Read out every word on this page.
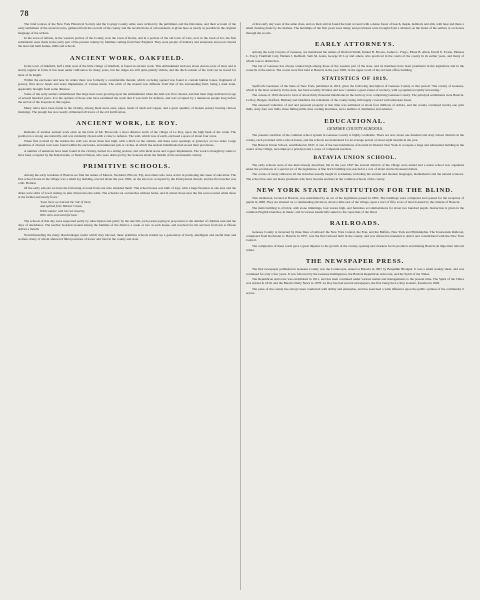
78

The brief notices of the New York Historical Society and the Cayuga County Atlas were written by the publishers and the historians, and their account of the early settlement of the several towns, gathered from the records of the county and the recollections of old residents, is given here as nearly as possible in the original language of the writers.

In the town of Albion, in the western portion of the County, now the town of Rome, and in a portion of the old town of Cato, now in the town of Ira, the first settlements were made in the early part of the present century by families coming from New England. They were people of industry and enterprise and soon cleared the land and built homes, mills and schools.

ANCIENT WORK, OAKFIELD.

In the town of Oakfield, half a mile west of the little village of Oakfield, is found an ancient work. This embankment encloses about eleven acres of land, and is nearly regular in form. It has been under cultivation for many years, but the ridges are still quite plainly visible, and the ditch outside of the wall can be traced for most of its length.

Within the enclosure and near its centre there was formerly a considerable mound, which on being opened was found to contain human bones, fragments of pottery, flint arrow heads and stone implements of various kinds. The earth of the mound was different from that of the surrounding field, being a dark loam, apparently brought from some distance.

Some of the early settlers remembered that large trees were growing upon the embankment when the land was first cleared, and that their rings indicated an age of several hundred years. It is the opinion of those who have examined the work that it was built for defence, and was occupied by a numerous people long before the arrival of the Iroquois in this region.

Many relics have been found in the vicinity, among them stone axes, pipes, beads of shell and copper, and a great quantity of broken pottery bearing curious markings. The plough has now nearly obliterated all traces of the old fortification.

ANCIENT WORK, LE ROY.

Remains of another ancient work exist on the farm of Mr. Bosworth, a short distance north of the village of Le Roy, upon the high bank of the creek. The position is a strong one naturally, and was evidently chosen with a view to defence. The wall, which was of earth, enclosed a space of about four acres.

When first noticed by the settlers the wall was about three feet high, with a ditch on the outside, and there were openings or gateways on two sides. Large quantities of charred corn were found within the enclosure, and numerous pits or caches, in which the ancient inhabitants had stored their provisions.

A number of skeletons have been found in the vicinity, buried in a sitting posture, and with them stone and copper implements. The work is thought by some to have been occupied by the Kah-Kwahs, or Neutral Nation, who were destroyed by the Senecas about the middle of the seventeenth century.

PRIMITIVE SCHOOLS.

Among the early residents of Batavia we find the names of Messrs. Stoddard, Ellicott, Ely, and others who were active in promoting the cause of education. The first school house in the village was a small log building, erected about the year 1802, on the site now occupied by the Presbyterian church, and the first teacher was a Mr. Holden.

Of the early schools we have the following account from one who attended them: 'The school house was built of logs, with a huge fireplace at one end, and the desks were slabs of wood resting on pins driven into the walls. The scholars sat on benches without backs, and in winter those near the fire were roasted while those at the farther end nearly froze.'

'Twas there we learned the rule of three,
And spelled from Webster's book,
While master with his rod stood by,
With stern and watchful look.'

The schools of that day were supported partly by subscription and partly by the rate bill, each parent paying in proportion to the number of children sent and the days of attendance. The teacher boarded around among the families of the district, a week or two at each house, and received for his services from ten to fifteen dollars a month.

Notwithstanding the many disadvantages under which they labored, these primitive schools trained up a generation of hardy, intelligent and useful men and women, many of whom afterward filled positions of honor and trust in the county and state.

of that early day were of the same class, and on their arrival found the land covered with a dense forest of beech, maple, hemlock and elm, with here and there a small clearing made by the Indians. The hardships of the first years were many, and provisions were brought from a distance on the backs of the settlers or on horses through the woods.

EARLY ATTORNEYS.

Among the early lawyers of Genesee, are mentioned the names of Richard Smith, Daniel B. Brown, Joshua L. Fargo, Ethan B. Allen, David E. Evans, Phineas L. Tracy, Trumbull Cary, Heman J. Redfield, Seth M. Gates, George W. Lay and others, who practiced in the courts of the county in its earlier years, and many of whom rose to distinction.

The bar of Genesee has always ranked high among those of the western part of the state, and its members have been prominent in the legislature and in the councils of the nation. The courts were first held at Batavia in the year 1803, in the upper room of the old land office building.

STATISTICS OF 1819.

Spafford's Gazetteer of the State of New York, published in 1813, gives the following description of Genesee County at that period: 'The county of Genesee, which is the most westerly in the state, has been recently divided, and now contains a great extent of territory, with a population rapidly increasing.'

The census of 1819 showed a total of about thirty thousand inhabitants in the territory now comprising Genesee County. The principal settlements were Batavia, Le Roy, Bergen, Stafford, Bethany and Oakfield, the remainder of the county being still largely covered with unbroken forest.

The assessed valuation of real and personal property at that time was estimated at about four millions of dollars, and the county contained twenty-one grist mills, sixty-four saw mills, three fulling mills, nine carding machines, and a number of distilleries and asheries.

EDUCATIONAL.
GENESEE COUNTY SCHOOLS.

The present condition of the common school system in Genesee County is highly creditable. There are now about one hundred and sixty school districts in the county, each provided with a school house, and the schools are maintained for an average period of about eight months in the year.

The Batavia Union School, established in 1847, is one of the best institutions of its kind in Western New York. It occupies a large and substantial building in the centre of the village, and employs a principal and a corps of competent teachers.

BATAVIA UNION SCHOOL.

The early schools were of the kind already described, but in the year 1847 the several districts of the village were united and a union school was organized under the provisions of a special act of the legislature. A fine brick building was erected at a cost of about twelve thousand dollars.

The course of study embraces all the branches usually taught in academies, including the ancient and modern languages, mathematics and the natural sciences. The school has sent out many graduates who have become teachers in the common schools of the county.

NEW YORK STATE INSTITUTION FOR THE BLIND.

This institution, located at Batavia, was established by an act of the legislature passed in 1865. The buildings were completed and opened for the reception of pupils in 1868. They are situated on a commanding elevation, about a mile east of the village, upon a tract of fifty acres of land donated by the citizens of Batavia.

The main building is of brick, with stone trimmings, four stories high, and furnishes accommodations for about two hundred pupils. Instruction is given in the common English branches, in music, and in various handicrafts suited to the capacities of the blind.

RAILROADS.

Genesee County is traversed by three lines of railroad: the New York Central, the Erie, and the Buffalo, New York and Philadelphia. The Tonawanda Railroad, completed from Rochester to Batavia in 1837, was the first railroad built in the county, and was afterward extended to Attica and consolidated with the New York Central.

The completion of these roads gave a great impetus to the growth of the county, opening new markets for its products and making Batavia an important railroad centre.

THE NEWSPAPER PRESS.

The first newspaper published in Genesee County was the Cornucopia, issued at Batavia in 1807 by Benjamin Blodgett. It was a small weekly sheet, and was continued for only a few years. It was followed by the Genesee Intelligencer, the Batavia Republican Advocate, and the Spirit of the Times.

The Republican Advocate was established in 1811, and has been continued under various names and managements to the present time. The Spirit of the Times was started in 1819, and the Batavia Daily News in 1878. Le Roy has had several newspapers, the first being the Le Roy Gazette, founded in 1826.

The press of the county has always been conducted with ability and enterprise, and has exercised a wide influence upon the public opinion of the community it serves.
